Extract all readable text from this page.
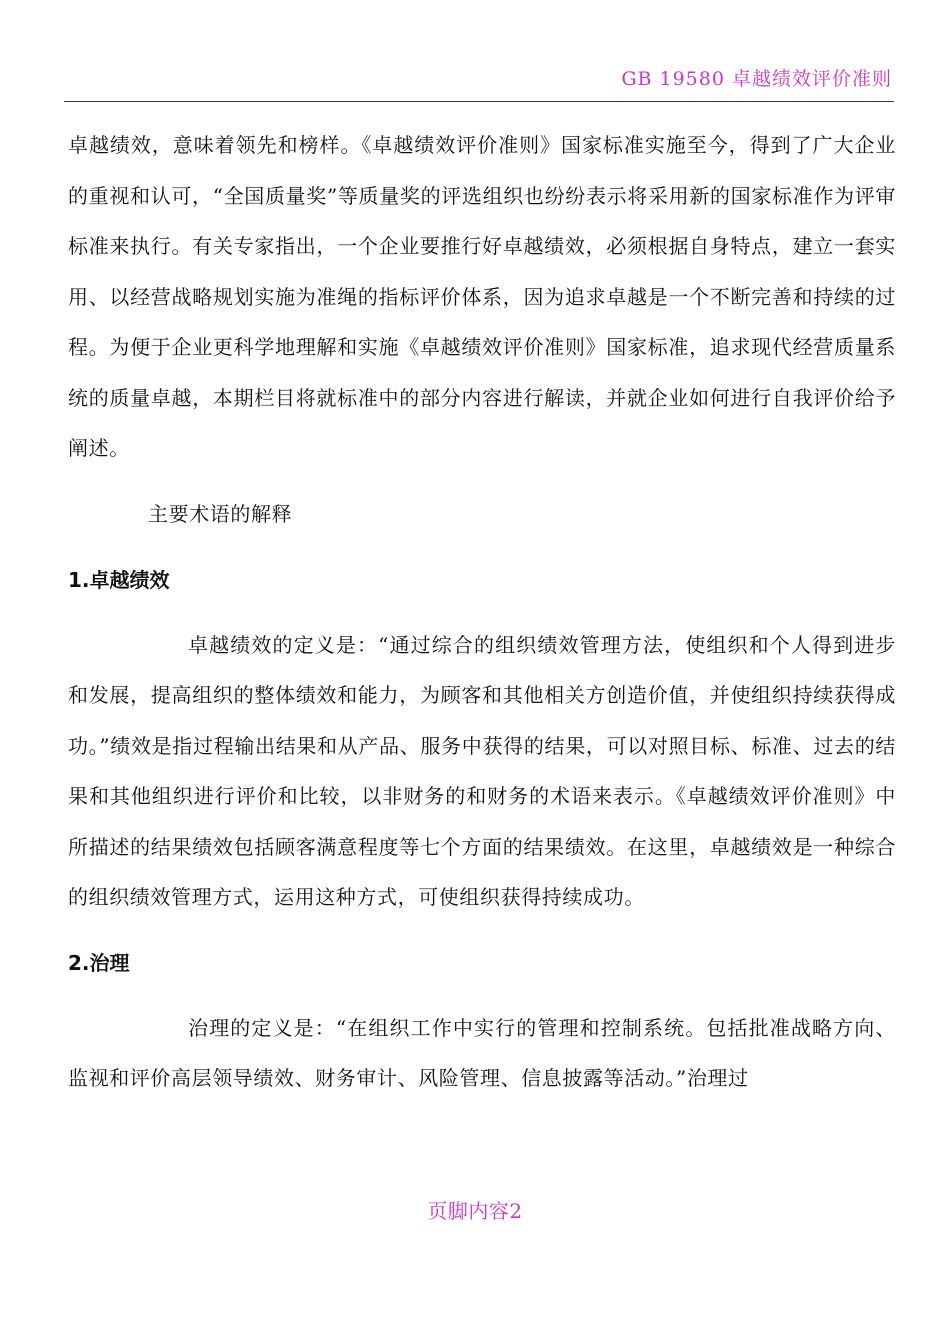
GB 19580 卓越绩效评价准则

卓越绩效，意味着领先和榜样。《卓越绩效评价准则》国家标准实施至今，得到了广大企业的重视和认可，“全国质量奖”等质量奖的评选组织也纷纷表示将采用新的国家标准作为评审标准来执行。有关专家指出，一个企业要推行好卓越绩效，必须根据自身特点，建立一套实用、以经营战略规划实施为准绳的指标评价体系，因为追求卓越是一个不断完善和持续的过程。为便于企业更科学地理解和实施《卓越绩效评价准则》国家标准，追求现代经营质量系统的质量卓越，本期栏目将就标准中的部分内容进行解读，并就企业如何进行自我评价给予阐述。

主要术语的解释

1.卓越绩效

卓越绩效的定义是：“通过综合的组织绩效管理方法，使组织和个人得到进步和发展，提高组织的整体绩效和能力，为顾客和其他相关方创造价值，并使组织持续获得成功。”绩效是指过程输出结果和从产品、服务中获得的结果，可以对照目标、标准、过去的结果和其他组织进行评价和比较，以非财务的和财务的术语来表示。《卓越绩效评价准则》中所描述的结果绩效包括顾客满意程度等七个方面的结果绩效。在这里，卓越绩效是一种综合的组织绩效管理方式，运用这种方式，可使组织获得持续成功。

2.治理

治理的定义是：“在组织工作中实行的管理和控制系统。包括批准战略方向、监视和评价高层领导绩效、财务审计、风险管理、信息披露等活动。”治理过

页脚内容2
